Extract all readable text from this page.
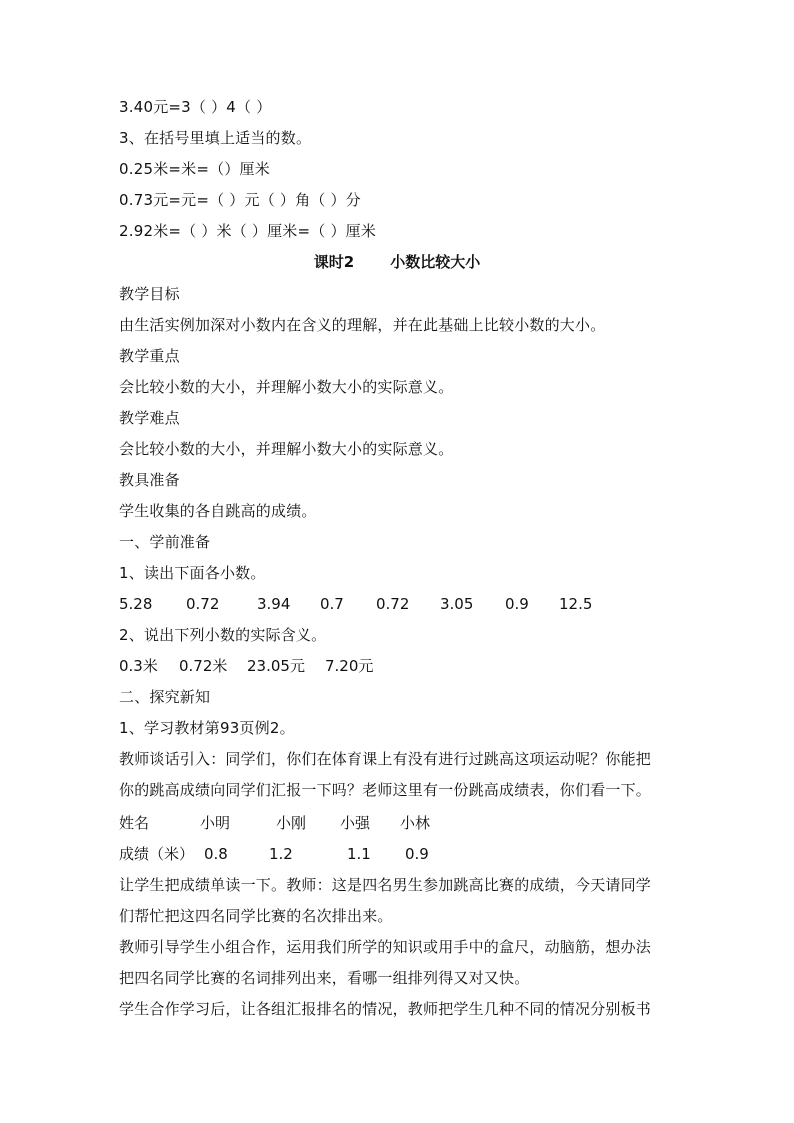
3.40元=3（ ）4（ ）
3、在括号里填上适当的数。
0.25米=米=（）厘米
0.73元=元=（ ）元（ ）角（ ）分
2.92米=（ ）米（ ）厘米=（ ）厘米
课时2 小数比较大小
教学目标
由生活实例加深对小数内在含义的理解，并在此基础上比较小数的大小。
教学重点
会比较小数的大小，并理解小数大小的实际意义。
教学难点
会比较小数的大小，并理解小数大小的实际意义。
教具准备
学生收集的各自跳高的成绩。
一、学前准备
1、读出下面各小数。
5.28 0.72	3.94 0.7 0.72 3.05 0.9 12.5
2、说出下列小数的实际含义。
0.3米 0.72米 23.05元 7.20元
二、探究新知
1、学习教材第93页例2。
教师谈话引入：同学们，你们在体育课上有没有进行过跳高这项运动呢？你能把
你的跳高成绩向同学们汇报一下吗？老师这里有一份跳高成绩表，你们看一下。
姓名	小明	小刚 小强 小林
成绩（米） 0.8	1.2	1.1 0.9
让学生把成绩单读一下。教师：这是四名男生参加跳高比赛的成绩，今天请同学
们帮忙把这四名同学比赛的名次排出来。
教师引导学生小组合作，运用我们所学的知识或用手中的盒尺，动脑筋，想办法
把四名同学比赛的名词排列出来，看哪一组排列得又对又快。
学生合作学习后，让各组汇报排名的情况，教师把学生几种不同的情况分别板书
